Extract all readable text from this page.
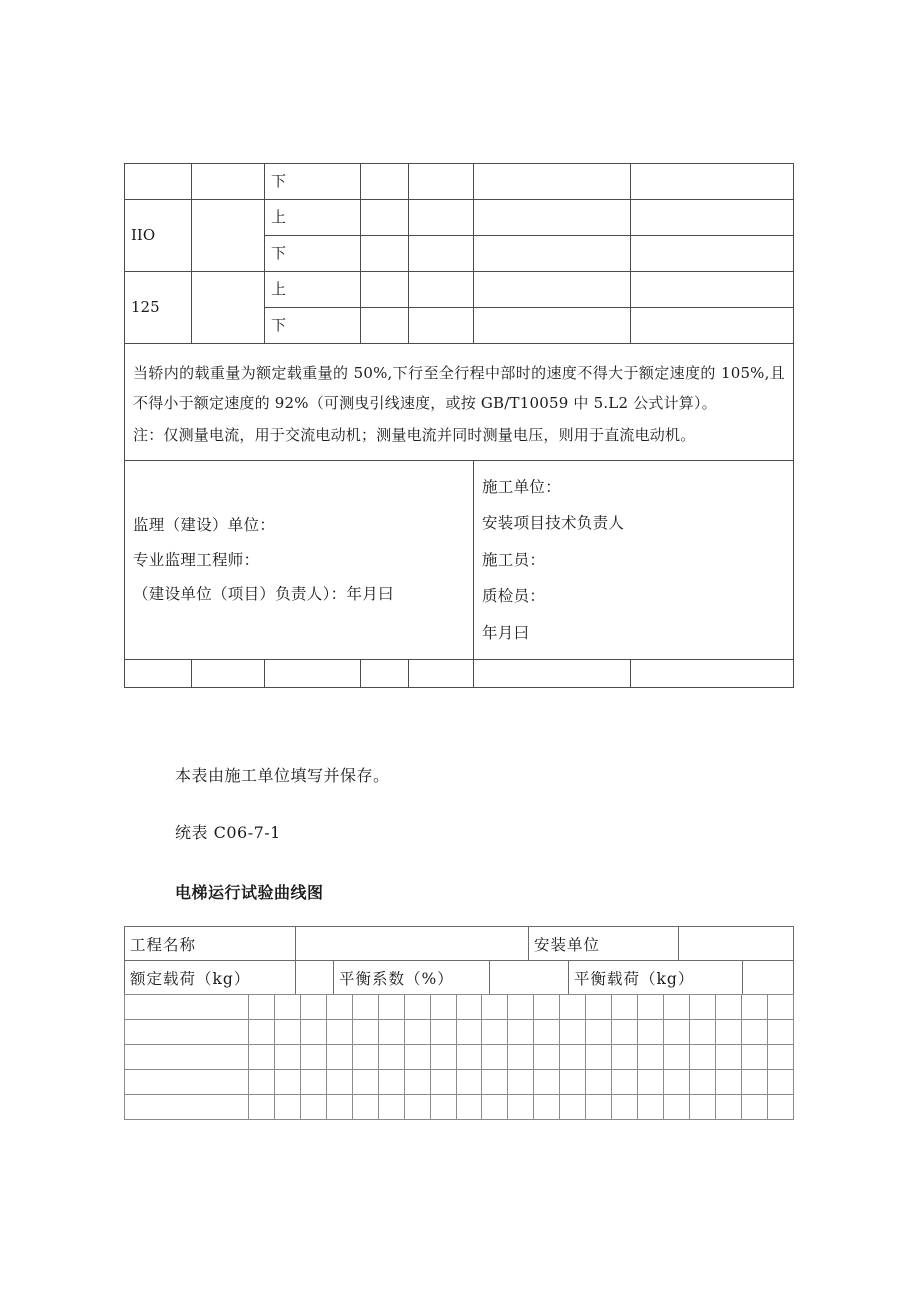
		下				
IIO		上				
		下				
125		上				
		下				

当轿内的载重量为额定载重量的 50%,下行至全行程中部时的速度不得大于额定速度的 105%,且不得小于额定速度的 92%（可测曳引线速度，或按 GB/T10059 中 5.L2 公式计算）。

注：仅测量电流，用于交流电动机；测量电流并同时测量电压，则用于直流电动机。						

监理（建设）单位：
专业监理工程师：
（建设单位（项目）负责人）：年月曰

施工单位：
安装项目技术负责人
施工员：
质检员：
年月曰

本表由施工单位填写并保存。
统表 C06-7-1
电梯运行试验曲线图
工程名称		安装单位	
额定载荷（kg）		平衡系数（%）		平衡载荷（kg）	
